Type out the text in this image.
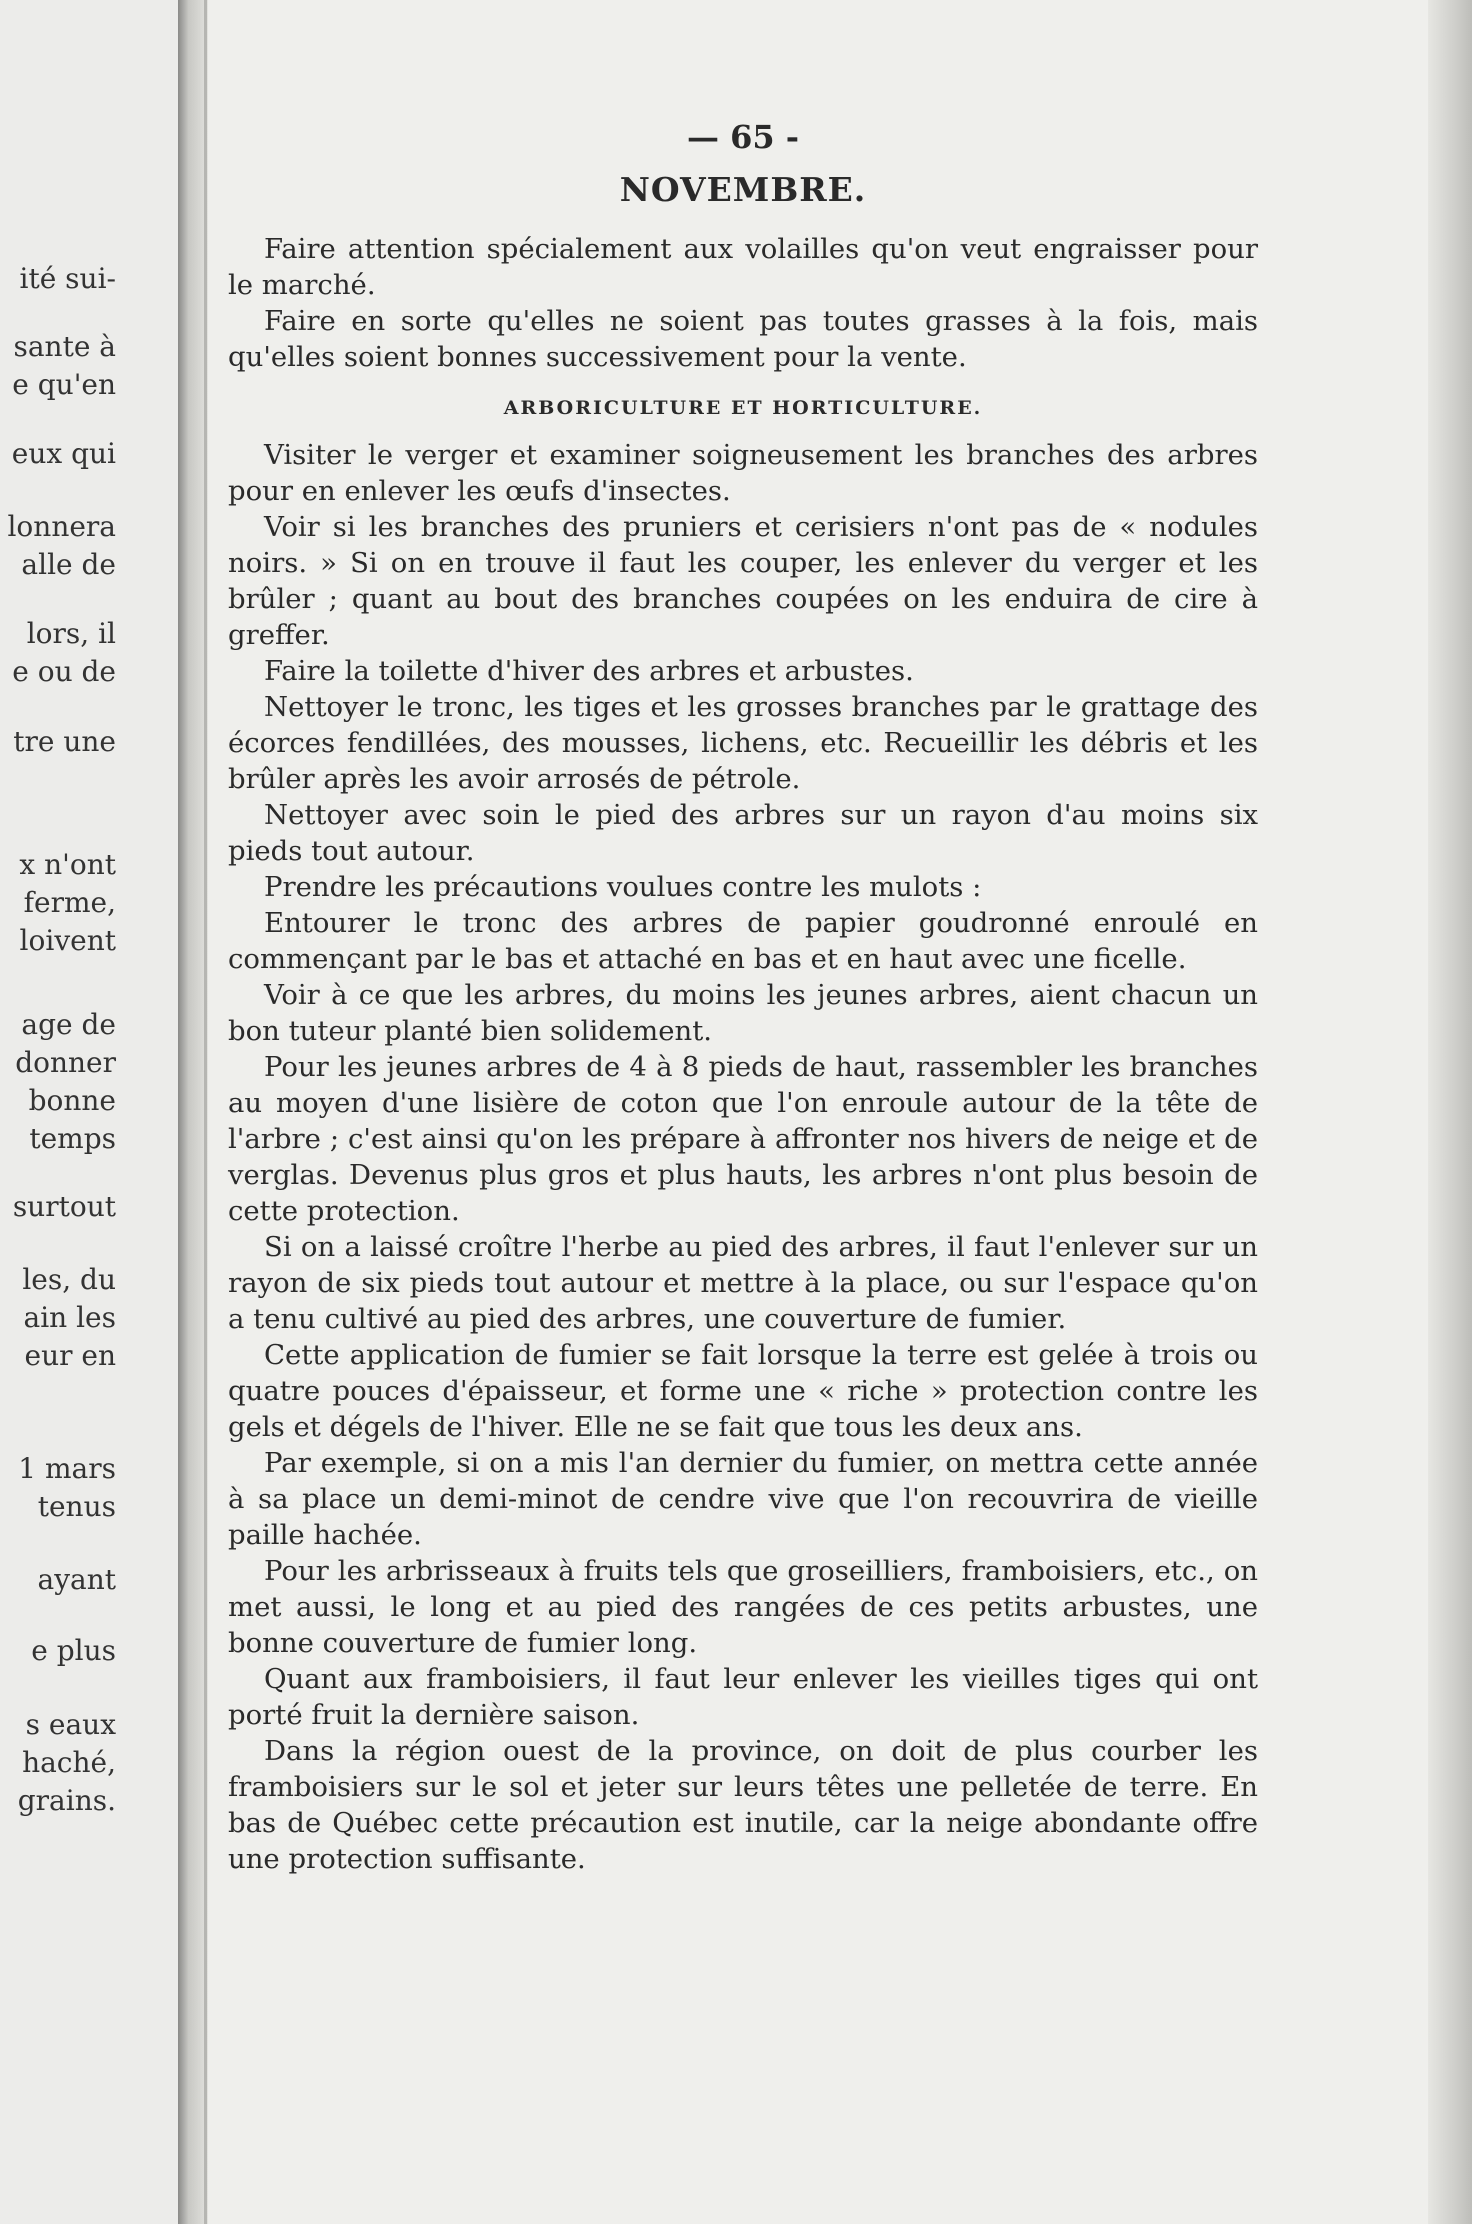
ité sui-
sante à
e qu'en
eux qui
lonnera
alle de
lors, il
e ou de
tre une
x n'ont
ferme,
loivent
age de
donner
bonne
temps
surtout
les, du
ain les
eur en
1 mars
tenus
ayant
e plus
s eaux
haché,
grains.
— 65 -
NOVEMBRE.

Faire attention spécialement aux volailles qu'on veut engraisser pour le marché.

Faire en sorte qu'elles ne soient pas toutes grasses à la fois, mais qu'elles soient bonnes successivement pour la vente.

ARBORICULTURE ET HORTICULTURE.

Visiter le verger et examiner soigneusement les branches des arbres pour en enlever les œufs d'insectes.

Voir si les branches des pruniers et cerisiers n'ont pas de « nodules noirs. » Si on en trouve il faut les couper, les enlever du verger et les brûler ; quant au bout des branches coupées on les enduira de cire à greffer.

Faire la toilette d'hiver des arbres et arbustes.

Nettoyer le tronc, les tiges et les grosses branches par le grattage des écorces fendillées, des mousses, lichens, etc. Recueillir les débris et les brûler après les avoir arrosés de pétrole.

Nettoyer avec soin le pied des arbres sur un rayon d'au moins six pieds tout autour.

Prendre les précautions voulues contre les mulots :

Entourer le tronc des arbres de papier goudronné enroulé en commençant par le bas et attaché en bas et en haut avec une ficelle.

Voir à ce que les arbres, du moins les jeunes arbres, aient chacun un bon tuteur planté bien solidement.

Pour les jeunes arbres de 4 à 8 pieds de haut, rassembler les branches au moyen d'une lisière de coton que l'on enroule autour de la tête de l'arbre ; c'est ainsi qu'on les prépare à affronter nos hivers de neige et de verglas. Devenus plus gros et plus hauts, les arbres n'ont plus besoin de cette protection.

Si on a laissé croître l'herbe au pied des arbres, il faut l'enlever sur un rayon de six pieds tout autour et mettre à la place, ou sur l'espace qu'on a tenu cultivé au pied des arbres, une couverture de fumier.

Cette application de fumier se fait lorsque la terre est gelée à trois ou quatre pouces d'épaisseur, et forme une « riche » protection contre les gels et dégels de l'hiver. Elle ne se fait que tous les deux ans.

Par exemple, si on a mis l'an dernier du fumier, on mettra cette année à sa place un demi-minot de cendre vive que l'on recouvrira de vieille paille hachée.

Pour les arbrisseaux à fruits tels que groseilliers, framboisiers, etc., on met aussi, le long et au pied des rangées de ces petits arbustes, une bonne couverture de fumier long.

Quant aux framboisiers, il faut leur enlever les vieilles tiges qui ont porté fruit la dernière saison.

Dans la région ouest de la province, on doit de plus courber les framboisiers sur le sol et jeter sur leurs têtes une pelletée de terre. En bas de Québec cette précaution est inutile, car la neige abondante offre une protection suffisante.
